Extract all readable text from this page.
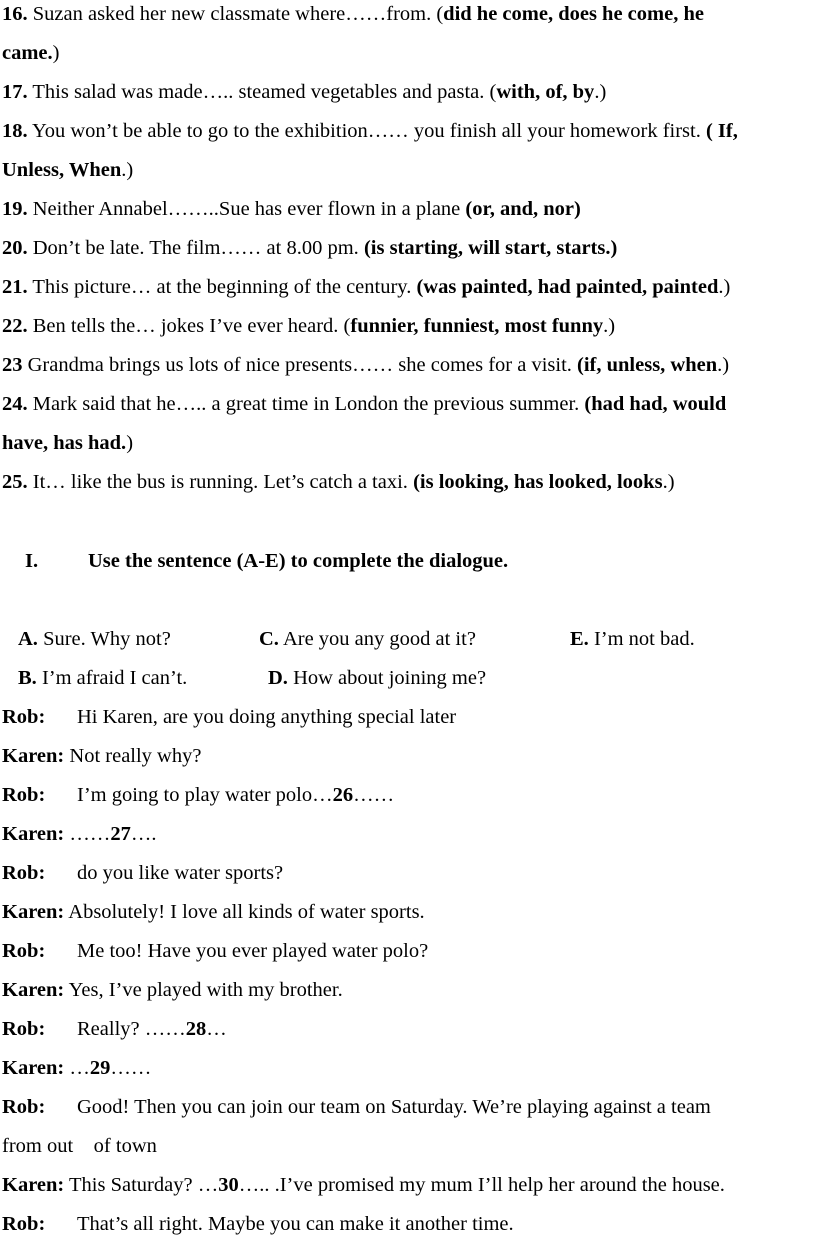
16. Suzan asked her new classmate where……from. (did he come, does he come, he
came.)
17. This salad was made….. steamed vegetables and pasta. (with, of, by.)
18. You won’t be able to go to the exhibition…… you finish all your homework first. ( If,
Unless, When.)
19. Neither Annabel……..Sue has ever flown in a plane (or, and, nor)
20. Don’t be late. The film…… at 8.00 pm. (is starting, will start, starts.)
21. This picture… at the beginning of the century. (was painted, had painted, painted.)
22. Ben tells the… jokes I’ve ever heard. (funnier, funniest, most funny.)
23 Grandma brings us lots of nice presents…… she comes for a visit. (if, unless, when.)
24. Mark said that he….. a great time in London the previous summer. (had had, would
have, has had.)
25. It… like the bus is running. Let’s catch a taxi. (is looking, has looked, looks.)
I. Use the sentence (A-E) to complete the dialogue.
A. Sure. Why not?	C. Are you any good at it?	E. I’m not bad.
B. I’m afraid I can’t.	D. How about joining me?
Rob: Hi Karen, are you doing anything special later
Karen: Not really why?
Rob: I’m going to play water polo…26……
Karen: ……27….
Rob: do you like water sports?
Karen: Absolutely! I love all kinds of water sports.
Rob: Me too! Have you ever played water polo?
Karen: Yes, I’ve played with my brother.
Rob: Really? ……28…
Karen: …29……
Rob: Good! Then you can join our team on Saturday. We’re playing against a team
from out    of town
Karen: This Saturday? …30….. .I’ve promised my mum I’ll help her around the house.
Rob: That’s all right. Maybe you can make it another time.
